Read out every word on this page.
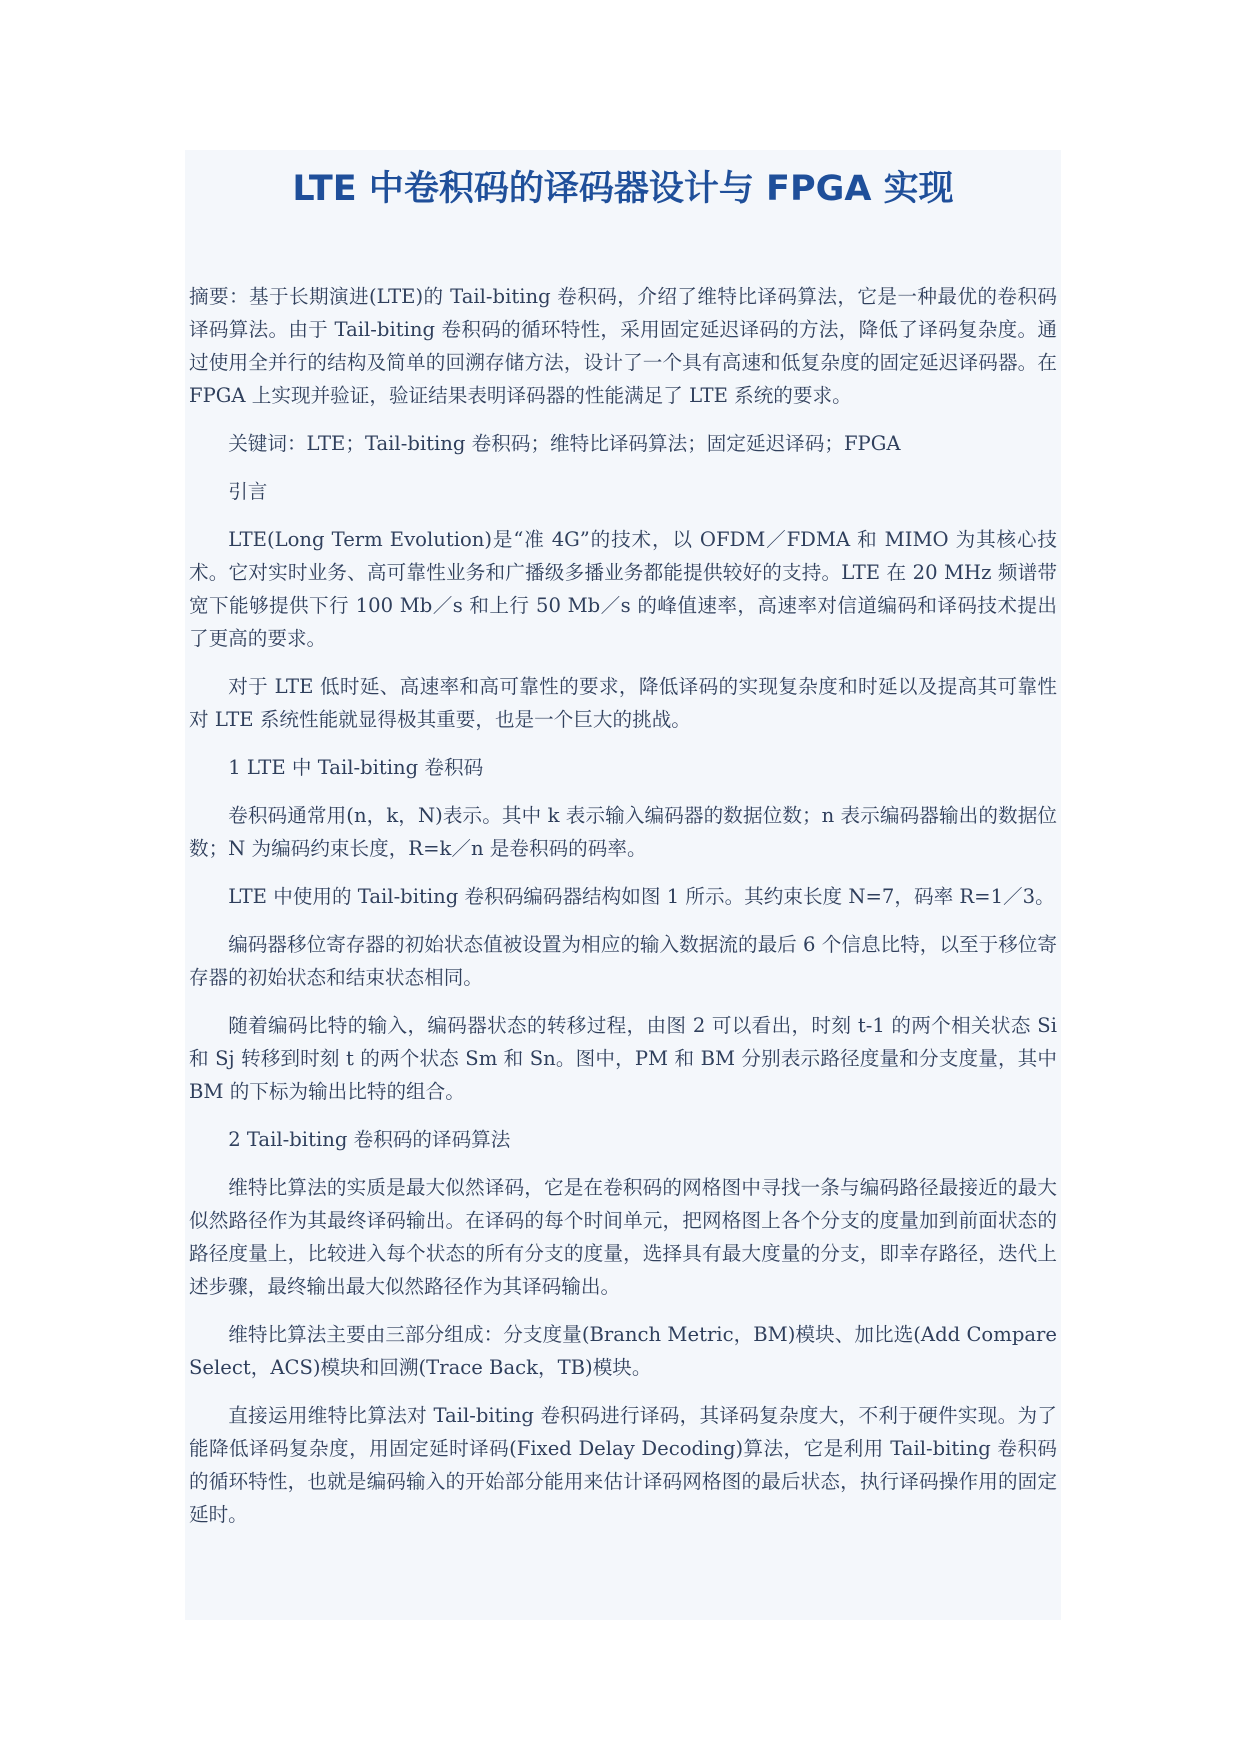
LTE 中卷积码的译码器设计与 FPGA 实现

摘要：基于长期演进(LTE)的 Tail-biting 卷积码，介绍了维特比译码算法，它是一种最优的卷积码译码算法。由于 Tail-biting 卷积码的循环特性，采用固定延迟译码的方法，降低了译码复杂度。通过使用全并行的结构及简单的回溯存储方法，设计了一个具有高速和低复杂度的固定延迟译码器。在 FPGA 上实现并验证，验证结果表明译码器的性能满足了 LTE 系统的要求。

关键词：LTE；Tail-biting 卷积码；维特比译码算法；固定延迟译码；FPGA

引言

LTE(Long Term Evolution)是“准 4G”的技术，以 OFDM／FDMA 和 MIMO 为其核心技术。它对实时业务、高可靠性业务和广播级多播业务都能提供较好的支持。LTE 在 20 MHz 频谱带宽下能够提供下行 100 Mb／s 和上行 50 Mb／s 的峰值速率，高速率对信道编码和译码技术提出了更高的要求。

对于 LTE 低时延、高速率和高可靠性的要求，降低译码的实现复杂度和时延以及提高其可靠性对 LTE 系统性能就显得极其重要，也是一个巨大的挑战。

1 LTE 中 Tail-biting 卷积码

卷积码通常用(n，k，N)表示。其中 k 表示输入编码器的数据位数；n 表示编码器输出的数据位数；N 为编码约束长度，R=k／n 是卷积码的码率。

LTE 中使用的 Tail-biting 卷积码编码器结构如图 1 所示。其约束长度 N=7，码率 R=1／3。

编码器移位寄存器的初始状态值被设置为相应的输入数据流的最后 6 个信息比特，以至于移位寄存器的初始状态和结束状态相同。

随着编码比特的输入，编码器状态的转移过程，由图 2 可以看出，时刻 t-1 的两个相关状态 Si 和 Sj 转移到时刻 t 的两个状态 Sm 和 Sn。图中，PM 和 BM 分别表示路径度量和分支度量，其中 BM 的下标为输出比特的组合。

2 Tail-biting 卷积码的译码算法

维特比算法的实质是最大似然译码，它是在卷积码的网格图中寻找一条与编码路径最接近的最大似然路径作为其最终译码输出。在译码的每个时间单元，把网格图上各个分支的度量加到前面状态的路径度量上，比较进入每个状态的所有分支的度量，选择具有最大度量的分支，即幸存路径，迭代上述步骤，最终输出最大似然路径作为其译码输出。

维特比算法主要由三部分组成：分支度量(Branch Metric，BM)模块、加比选(Add Compare Select，ACS)模块和回溯(Trace Back，TB)模块。

直接运用维特比算法对 Tail-biting 卷积码进行译码，其译码复杂度大，不利于硬件实现。为了能降低译码复杂度，用固定延时译码(Fixed Delay Decoding)算法，它是利用 Tail-biting 卷积码的循环特性，也就是编码输入的开始部分能用来估计译码网格图的最后状态，执行译码操作用的固定延时。
